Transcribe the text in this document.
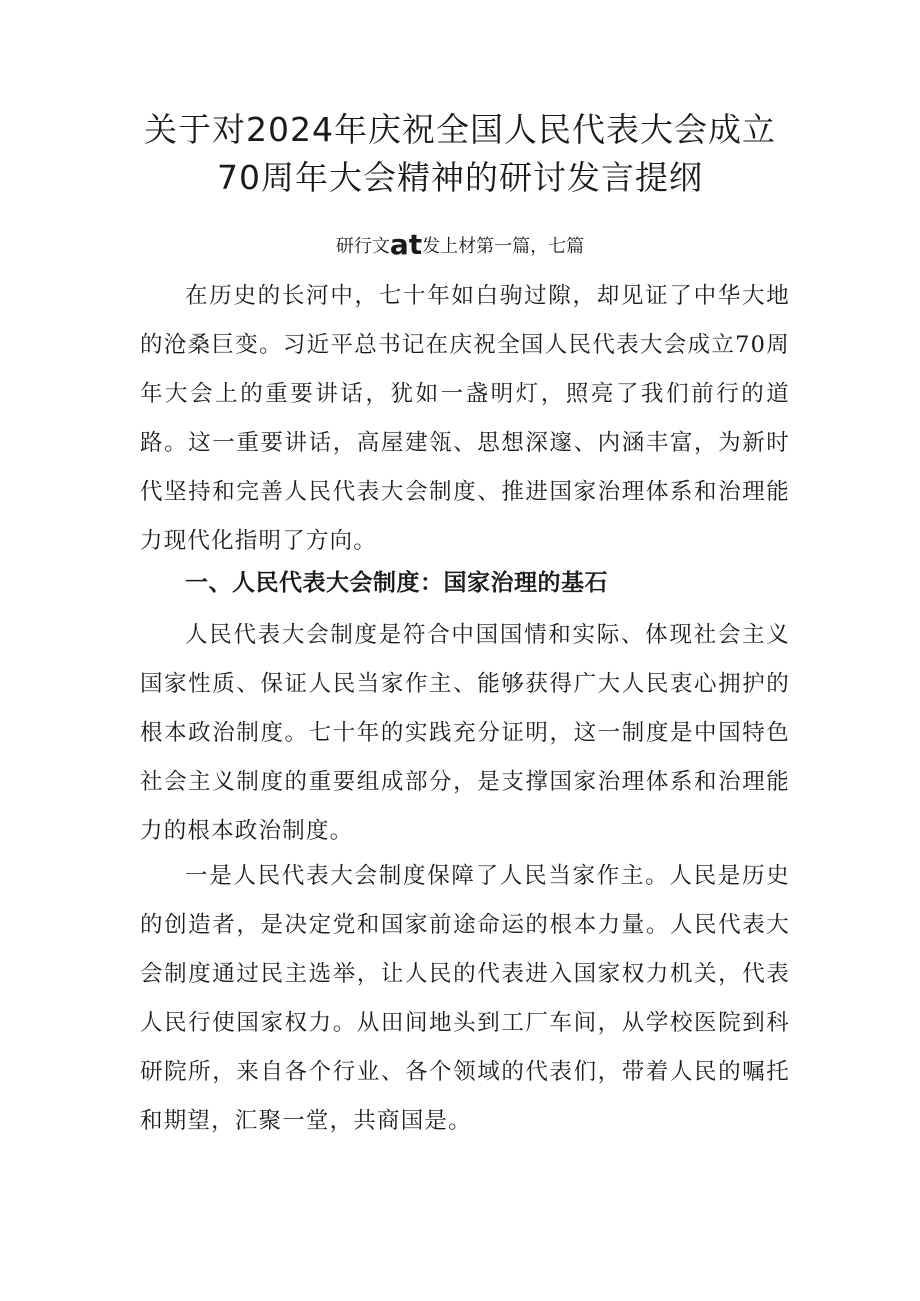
关于对2024年庆祝全国人民代表大会成立
70周年大会精神的研讨发言提纲
研行文at发上材第一篇，七篇

在历史的长河中，七十年如白驹过隙，却见证了中华大地的沧桑巨变。习近平总书记在庆祝全国人民代表大会成立70周年大会上的重要讲话，犹如一盏明灯，照亮了我们前行的道路。这一重要讲话，高屋建瓴、思想深邃、内涵丰富，为新时代坚持和完善人民代表大会制度、推进国家治理体系和治理能力现代化指明了方向。

一、人民代表大会制度：国家治理的基石

人民代表大会制度是符合中国国情和实际、体现社会主义国家性质、保证人民当家作主、能够获得广大人民衷心拥护的根本政治制度。七十年的实践充分证明，这一制度是中国特色社会主义制度的重要组成部分，是支撑国家治理体系和治理能力的根本政治制度。

一是人民代表大会制度保障了人民当家作主。人民是历史的创造者，是决定党和国家前途命运的根本力量。人民代表大会制度通过民主选举，让人民的代表进入国家权力机关，代表人民行使国家权力。从田间地头到工厂车间，从学校医院到科研院所，来自各个行业、各个领域的代表们，带着人民的嘱托和期望，汇聚一堂，共商国是。
